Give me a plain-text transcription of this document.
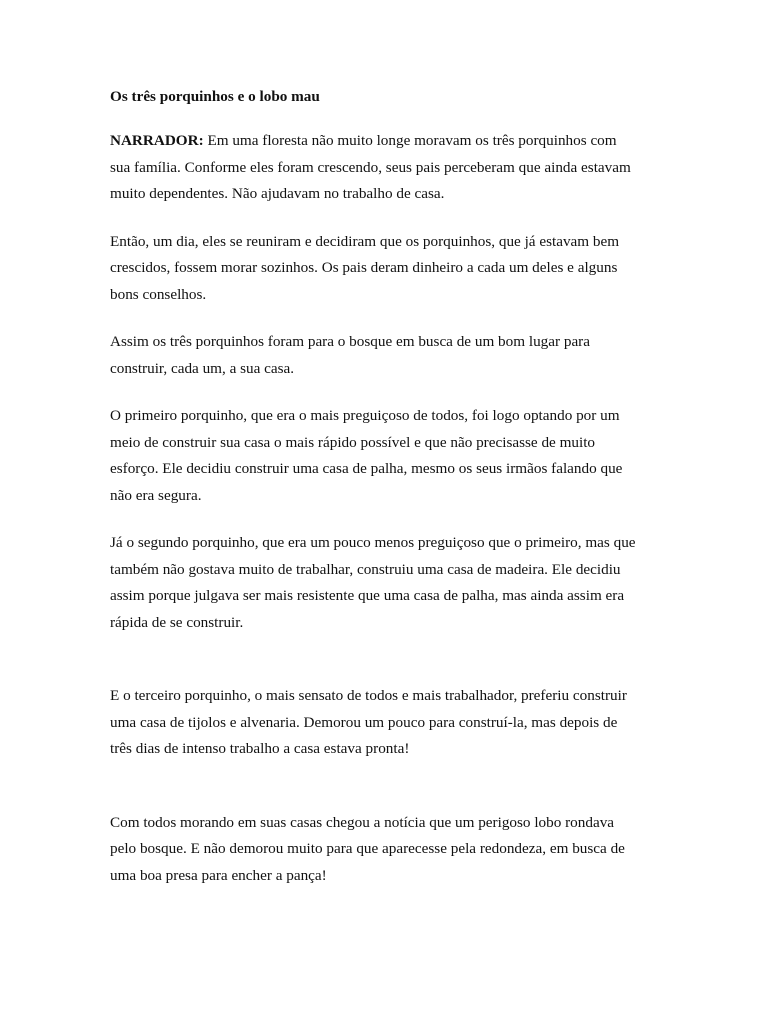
Os três porquinhos e o lobo mau

NARRADOR: Em uma floresta não muito longe moravam os três porquinhos com
sua família. Conforme eles foram crescendo, seus pais perceberam que ainda estavam
muito dependentes. Não ajudavam no trabalho de casa.

Então, um dia, eles se reuniram e decidiram que os porquinhos, que já estavam bem
crescidos, fossem morar sozinhos. Os pais deram dinheiro a cada um deles e alguns
bons conselhos.

Assim os três porquinhos foram para o bosque em busca de um bom lugar para
construir, cada um, a sua casa.

O primeiro porquinho, que era o mais preguiçoso de todos, foi logo optando por um
meio de construir sua casa o mais rápido possível e que não precisasse de muito
esforço. Ele decidiu construir uma casa de palha, mesmo os seus irmãos falando que
não era segura.

Já o segundo porquinho, que era um pouco menos preguiçoso que o primeiro, mas que
também não gostava muito de trabalhar, construiu uma casa de madeira. Ele decidiu
assim porque julgava ser mais resistente que uma casa de palha, mas ainda assim era
rápida de se construir.

E o terceiro porquinho, o mais sensato de todos e mais trabalhador, preferiu construir
uma casa de tijolos e alvenaria. Demorou um pouco para construí-la, mas depois de
três dias de intenso trabalho a casa estava pronta!

Com todos morando em suas casas chegou a notícia que um perigoso lobo rondava
pelo bosque. E não demorou muito para que aparecesse pela redondeza, em busca de
uma boa presa para encher a pança!
